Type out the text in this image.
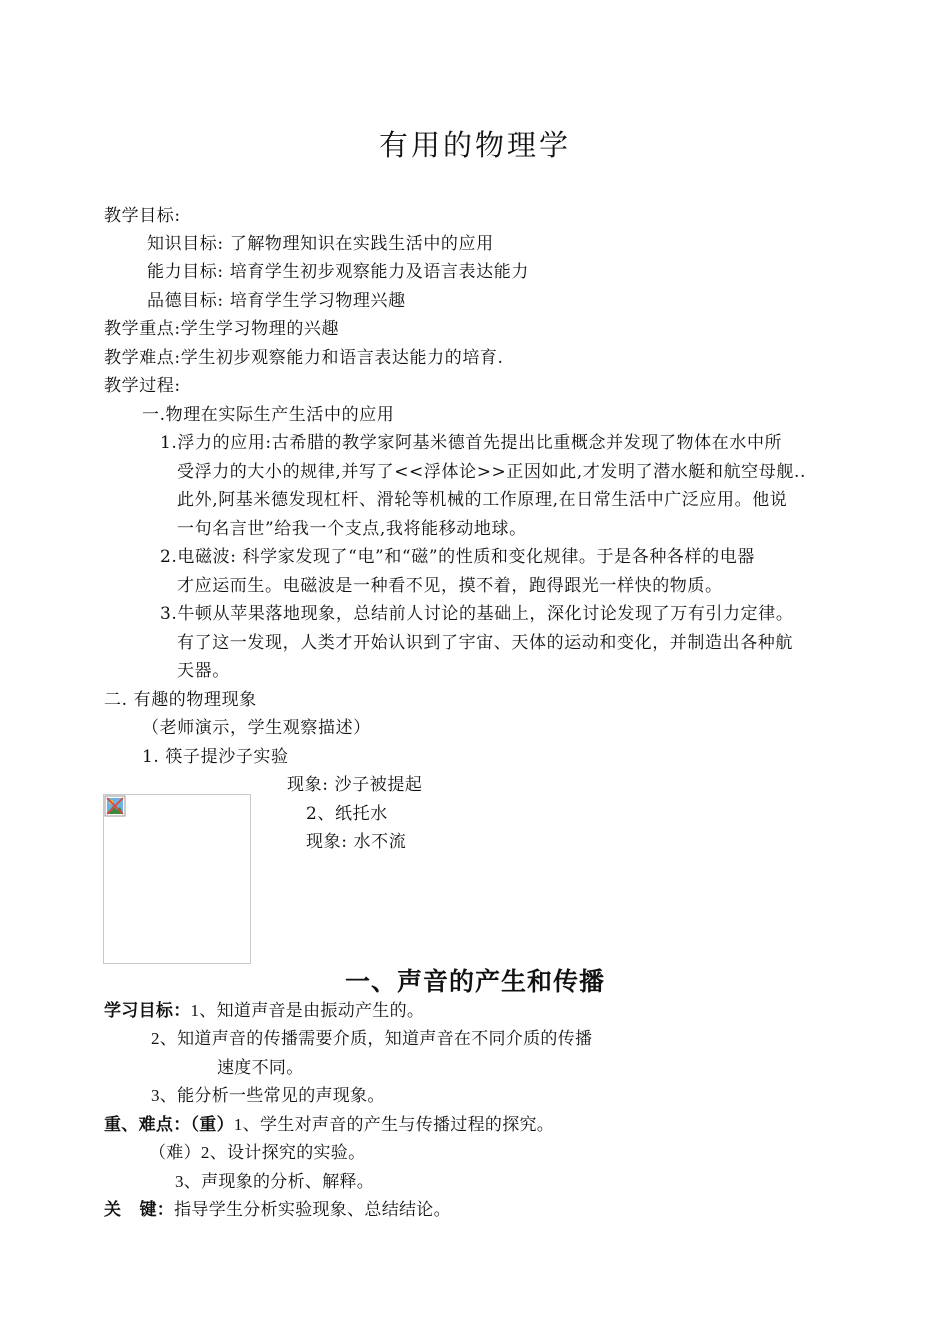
有用的物理学
教学目标:
知识目标: 了解物理知识在实践生活中的应用
能力目标: 培育学生初步观察能力及语言表达能力
品德目标: 培育学生学习物理兴趣
教学重点:学生学习物理的兴趣
教学难点:学生初步观察能力和语言表达能力的培育.
教学过程:
一.物理在实际生产生活中的应用
1.浮力的应用:古希腊的教学家阿基米德首先提出比重概念并发现了物体在水中所
受浮力的大小的规律,并写了<<浮体论>>正因如此,才发明了潜水艇和航空母舰..
此外,阿基米德发现杠杆、滑轮等机械的工作原理,在日常生活中广泛应用。他说
一句名言世”给我一个支点,我将能移动地球。
2.电磁波: 科学家发现了“电”和“磁”的性质和变化规律。于是各种各样的电器
才应运而生。电磁波是一种看不见，摸不着，跑得跟光一样快的物质。
3.牛顿从苹果落地现象，总结前人讨论的基础上，深化讨论发现了万有引力定律。
有了这一发现，人类才开始认识到了宇宙、天体的运动和变化，并制造出各种航
天器。
二. 有趣的物理现象
（老师演示，学生观察描述）
1. 筷子提沙子实验
现象: 沙子被提起
2、纸托水
现象: 水不流
一、声音的产生和传播
学习目标：1、知道声音是由振动产生的。
2、知道声音的传播需要介质，知道声音在不同介质的传播
速度不同。
3、能分析一些常见的声现象。
重、难点：（重）1、学生对声音的产生与传播过程的探究。
（难）2、设计探究的实验。
3、声现象的分析、解释。
关    键：指导学生分析实验现象、总结结论。
